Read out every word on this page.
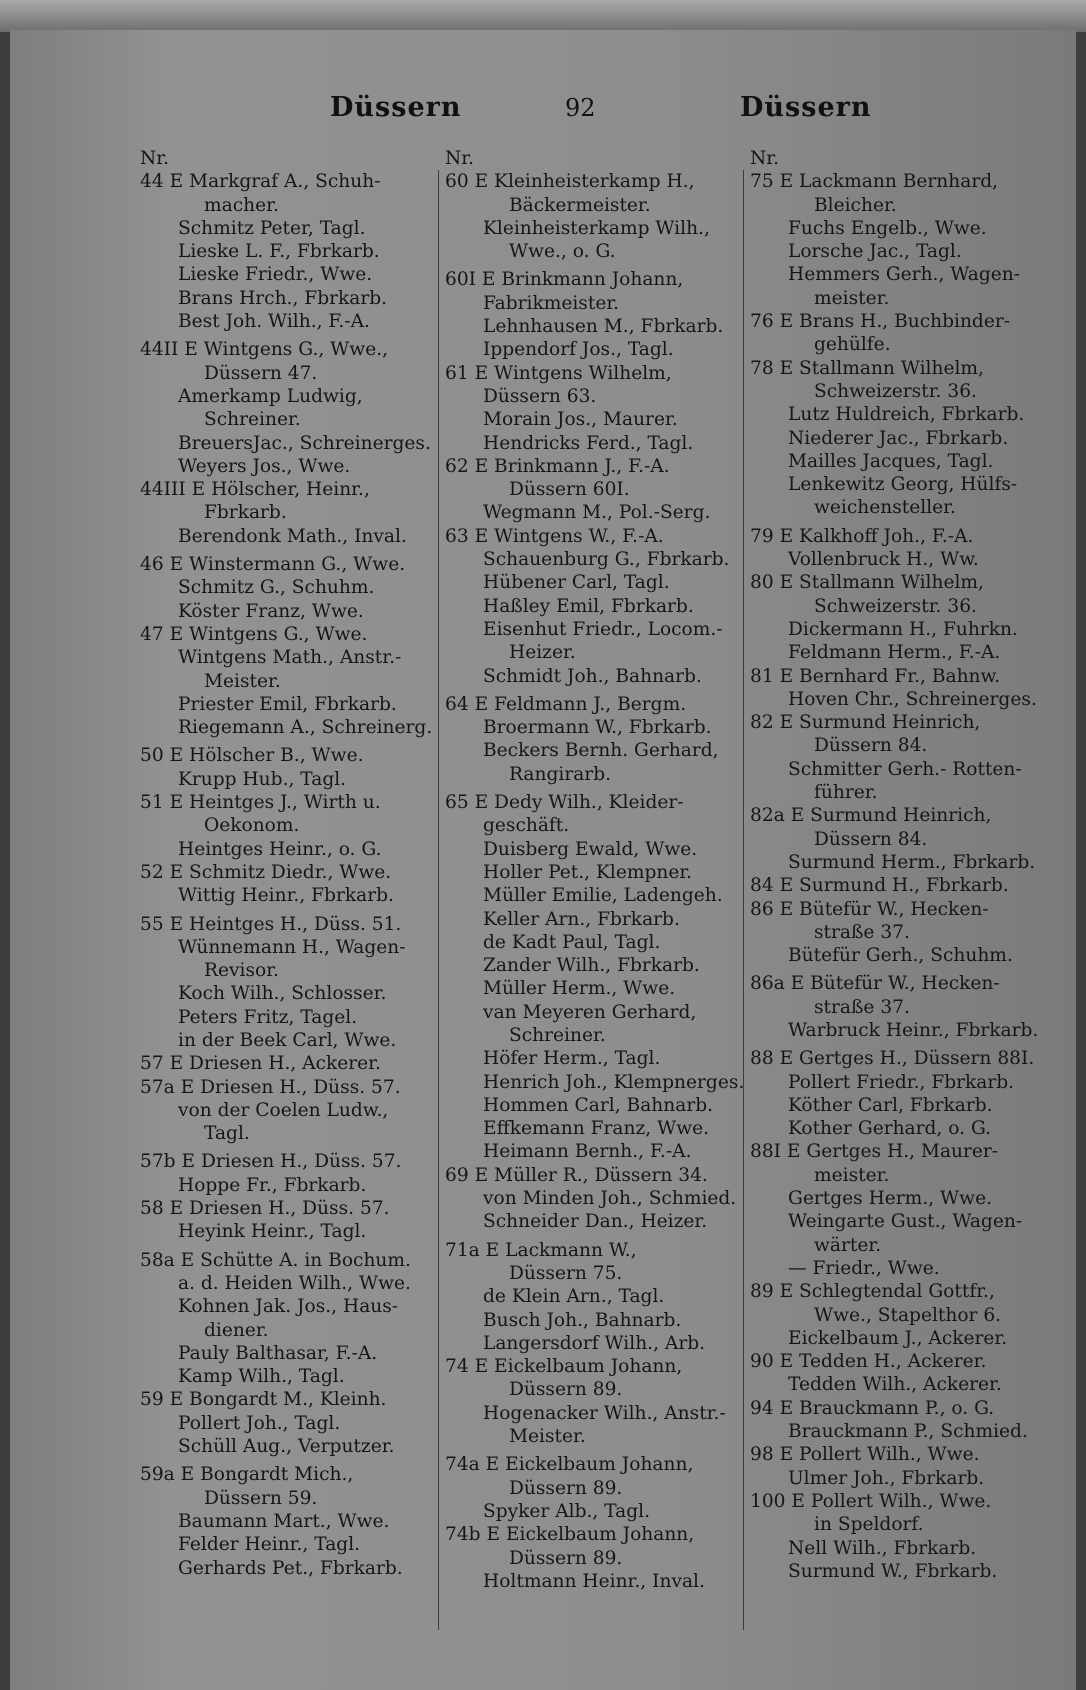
Düssern	92	Düssern
Nr.
44 E Markgraf A., Schuh-
macher.
Schmitz Peter, Tagl.
Lieske L. F., Fbrkarb.
Lieske Friedr., Wwe.
Brans Hrch., Fbrkarb.
Best Joh. Wilh., F.-A.
44II E Wintgens G., Wwe.,
Düssern 47.
Amerkamp Ludwig,
Schreiner.
BreuersJac., Schreinerges.
Weyers Jos., Wwe.
44III E Hölscher, Heinr.,
Fbrkarb.
Berendonk Math., Inval.
46 E Winstermann G., Wwe.
Schmitz G., Schuhm.
Köster Franz, Wwe.
47 E Wintgens G., Wwe.
Wintgens Math., Anstr.-
Meister.
Priester Emil, Fbrkarb.
Riegemann A., Schreinerg.
50 E Hölscher B., Wwe.
Krupp Hub., Tagl.
51 E Heintges J., Wirth u.
Oekonom.
Heintges Heinr., o. G.
52 E Schmitz Diedr., Wwe.
Wittig Heinr., Fbrkarb.
55 E Heintges H., Düss. 51.
Wünnemann H., Wagen-
Revisor.
Koch Wilh., Schlosser.
Peters Fritz, Tagel.
in der Beek Carl, Wwe.
57 E Driesen H., Ackerer.
57a E Driesen H., Düss. 57.
von der Coelen Ludw.,
Tagl.
57b E Driesen H., Düss. 57.
Hoppe Fr., Fbrkarb.
58 E Driesen H., Düss. 57.
Heyink Heinr., Tagl.
58a E Schütte A. in Bochum.
a. d. Heiden Wilh., Wwe.
Kohnen Jak. Jos., Haus-
diener.
Pauly Balthasar, F.-A.
Kamp Wilh., Tagl.
59 E Bongardt M., Kleinh.
Pollert Joh., Tagl.
Schüll Aug., Verputzer.
59a E Bongardt Mich.,
Düssern 59.
Baumann Mart., Wwe.
Felder Heinr., Tagl.
Gerhards Pet., Fbrkarb.
Nr.
60 E Kleinheisterkamp H.,
Bäckermeister.
Kleinheisterkamp Wilh.,
Wwe., o. G.
60I E Brinkmann Johann,
Fabrikmeister.
Lehnhausen M., Fbrkarb.
Ippendorf Jos., Tagl.
61 E Wintgens Wilhelm,
Düssern 63.
Morain Jos., Maurer.
Hendricks Ferd., Tagl.
62 E Brinkmann J., F.-A.
Düssern 60I.
Wegmann M., Pol.-Serg.
63 E Wintgens W., F.-A.
Schauenburg G., Fbrkarb.
Hübener Carl, Tagl.
Haßley Emil, Fbrkarb.
Eisenhut Friedr., Locom.-
Heizer.
Schmidt Joh., Bahnarb.
64 E Feldmann J., Bergm.
Broermann W., Fbrkarb.
Beckers Bernh. Gerhard,
Rangirarb.
65 E Dedy Wilh., Kleider-
geschäft.
Duisberg Ewald, Wwe.
Holler Pet., Klempner.
Müller Emilie, Ladengeh.
Keller Arn., Fbrkarb.
de Kadt Paul, Tagl.
Zander Wilh., Fbrkarb.
Müller Herm., Wwe.
van Meyeren Gerhard,
Schreiner.
Höfer Herm., Tagl.
Henrich Joh., Klempnerges.
Hommen Carl, Bahnarb.
Effkemann Franz, Wwe.
Heimann Bernh., F.-A.
69 E Müller R., Düssern 34.
von Minden Joh., Schmied.
Schneider Dan., Heizer.
71a E Lackmann W.,
Düssern 75.
de Klein Arn., Tagl.
Busch Joh., Bahnarb.
Langersdorf Wilh., Arb.
74 E Eickelbaum Johann,
Düssern 89.
Hogenacker Wilh., Anstr.-
Meister.
74a E Eickelbaum Johann,
Düssern 89.
Spyker Alb., Tagl.
74b E Eickelbaum Johann,
Düssern 89.
Holtmann Heinr., Inval.
Nr.
75 E Lackmann Bernhard,
Bleicher.
Fuchs Engelb., Wwe.
Lorsche Jac., Tagl.
Hemmers Gerh., Wagen-
meister.
76 E Brans H., Buchbinder-
gehülfe.
78 E Stallmann Wilhelm,
Schweizerstr. 36.
Lutz Huldreich, Fbrkarb.
Niederer Jac., Fbrkarb.
Mailles Jacques, Tagl.
Lenkewitz Georg, Hülfs-
weichensteller.
79 E Kalkhoff Joh., F.-A.
Vollenbruck H., Ww.
80 E Stallmann Wilhelm,
Schweizerstr. 36.
Dickermann H., Fuhrkn.
Feldmann Herm., F.-A.
81 E Bernhard Fr., Bahnw.
Hoven Chr., Schreinerges.
82 E Surmund Heinrich,
Düssern 84.
Schmitter Gerh.- Rotten-
führer.
82a E Surmund Heinrich,
Düssern 84.
Surmund Herm., Fbrkarb.
84 E Surmund H., Fbrkarb.
86 E Bütefür W., Hecken-
straße 37.
Bütefür Gerh., Schuhm.
86a E Bütefür W., Hecken-
straße 37.
Warbruck Heinr., Fbrkarb.
88 E Gertges H., Düssern 88I.
Pollert Friedr., Fbrkarb.
Köther Carl, Fbrkarb.
Kother Gerhard, o. G.
88I E Gertges H., Maurer-
meister.
Gertges Herm., Wwe.
Weingarte Gust., Wagen-
wärter.
— Friedr., Wwe.
89 E Schlegtendal Gottfr.,
Wwe., Stapelthor 6.
Eickelbaum J., Ackerer.
90 E Tedden H., Ackerer.
Tedden Wilh., Ackerer.
94 E Brauckmann P., o. G.
Brauckmann P., Schmied.
98 E Pollert Wilh., Wwe.
Ulmer Joh., Fbrkarb.
100 E Pollert Wilh., Wwe.
in Speldorf.
Nell Wilh., Fbrkarb.
Surmund W., Fbrkarb.
